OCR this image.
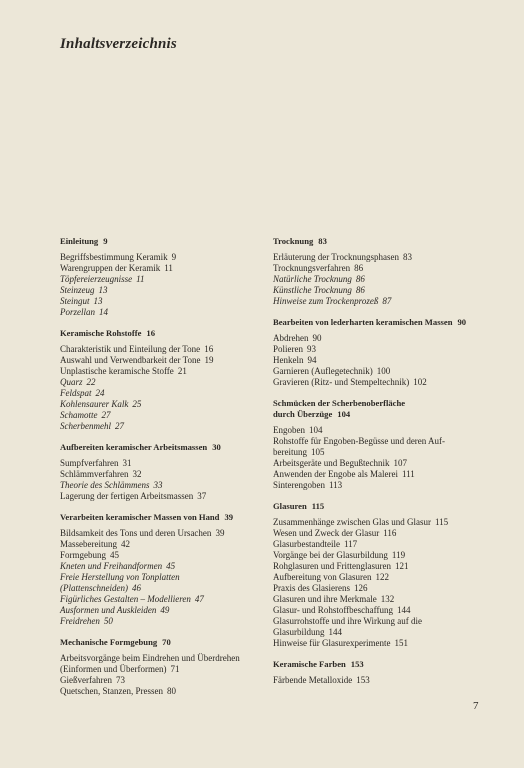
Inhaltsverzeichnis
Einleitung 9
Begriffsbestimmung Keramik 9
Warengruppen der Keramik 11
Töpfereierzeugnisse 11
Steinzeug 13
Steingut 13
Porzellan 14
Keramische Rohstoffe 16
Charakteristik und Einteilung der Tone 16
Auswahl und Verwendbarkeit der Tone 19
Unplastische keramische Stoffe 21
Quarz 22
Feldspat 24
Kohlensaurer Kalk 25
Schamotte 27
Scherbenmehl 27
Aufbereiten keramischer Arbeitsmassen 30
Sumpfverfahren 31
Schlämmverfahren 32
Theorie des Schlämmens 33
Lagerung der fertigen Arbeitsmassen 37
Verarbeiten keramischer Massen von Hand 39
Bildsamkeit des Tons und deren Ursachen 39
Massebereitung 42
Formgebung 45
Kneten und Freihandformen 45
Freie Herstellung von Tonplatten
(Plattenschneiden) 46
Figürliches Gestalten – Modellieren 47
Ausformen und Auskleiden 49
Freidrehen 50
Mechanische Formgebung 70
Arbeitsvorgänge beim Eindrehen und Überdrehen
(Einformen und Überformen) 71
Gießverfahren 73
Quetschen, Stanzen, Pressen 80
Trocknung 83
Erläuterung der Trocknungsphasen 83
Trocknungsverfahren 86
Natürliche Trocknung 86
Künstliche Trocknung 86
Hinweise zum Trockenprozeß 87
Bearbeiten von lederharten keramischen Massen 90
Abdrehen 90
Polieren 93
Henkeln 94
Garnieren (Auflegetechnik) 100
Gravieren (Ritz- und Stempeltechnik) 102
Schmücken der Scherbenoberfläche
durch Überzüge 104
Engoben 104
Rohstoffe für Engoben-Begüsse und deren Auf-
bereitung 105
Arbeitsgeräte und Begußtechnik 107
Anwenden der Engobe als Malerei 111
Sinterengoben 113
Glasuren 115
Zusammenhänge zwischen Glas und Glasur 115
Wesen und Zweck der Glasur 116
Glasurbestandteile 117
Vorgänge bei der Glasurbildung 119
Rohglasuren und Frittenglasuren 121
Aufbereitung von Glasuren 122
Praxis des Glasierens 126
Glasuren und ihre Merkmale 132
Glasur- und Rohstoffbeschaffung 144
Glasurrohstoffe und ihre Wirkung auf die
Glasurbildung 144
Hinweise für Glasurexperimente 151
Keramische Farben 153
Färbende Metalloxide 153
7
